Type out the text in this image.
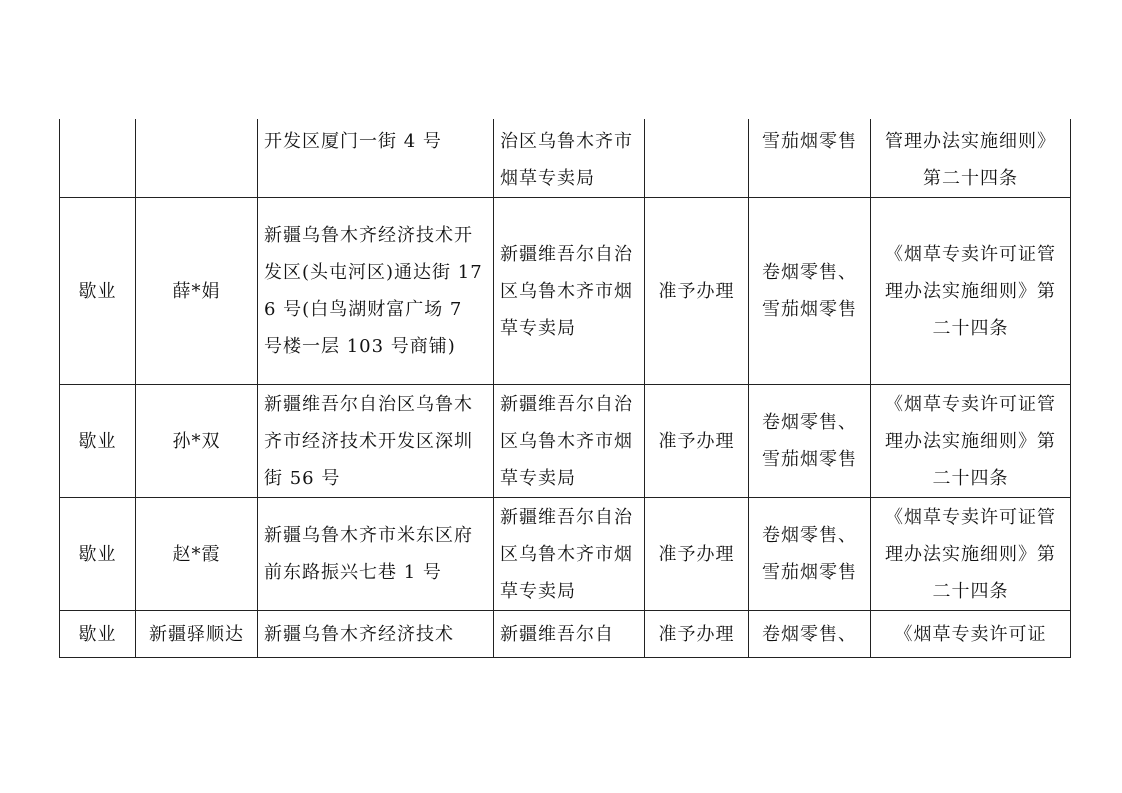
		开发区厦门一街 4 号	治区乌鲁木齐市烟草专卖局		雪茄烟零售	管理办法实施细则》第二十四条

歇业	薛*娟	新疆乌鲁木齐经济技术开发区(头屯河区)通达街 176 号(白鸟湖财富广场 7 号楼一层 103 号商铺)	新疆维吾尔自治区乌鲁木齐市烟草专卖局	准予办理	卷烟零售、雪茄烟零售	《烟草专卖许可证管理办法实施细则》第二十四条

歇业	孙*双	新疆维吾尔自治区乌鲁木齐市经济技术开发区深圳街 56 号	新疆维吾尔自治区乌鲁木齐市烟草专卖局	准予办理	卷烟零售、雪茄烟零售	《烟草专卖许可证管理办法实施细则》第二十四条

歇业	赵*霞	新疆乌鲁木齐市米东区府前东路振兴七巷 1 号	新疆维吾尔自治区乌鲁木齐市烟草专卖局	准予办理	卷烟零售、雪茄烟零售	《烟草专卖许可证管理办法实施细则》第二十四条

歇业	新疆驿顺达	新疆乌鲁木齐经济技术	新疆维吾尔自	准予办理	卷烟零售、	《烟草专卖许可证
